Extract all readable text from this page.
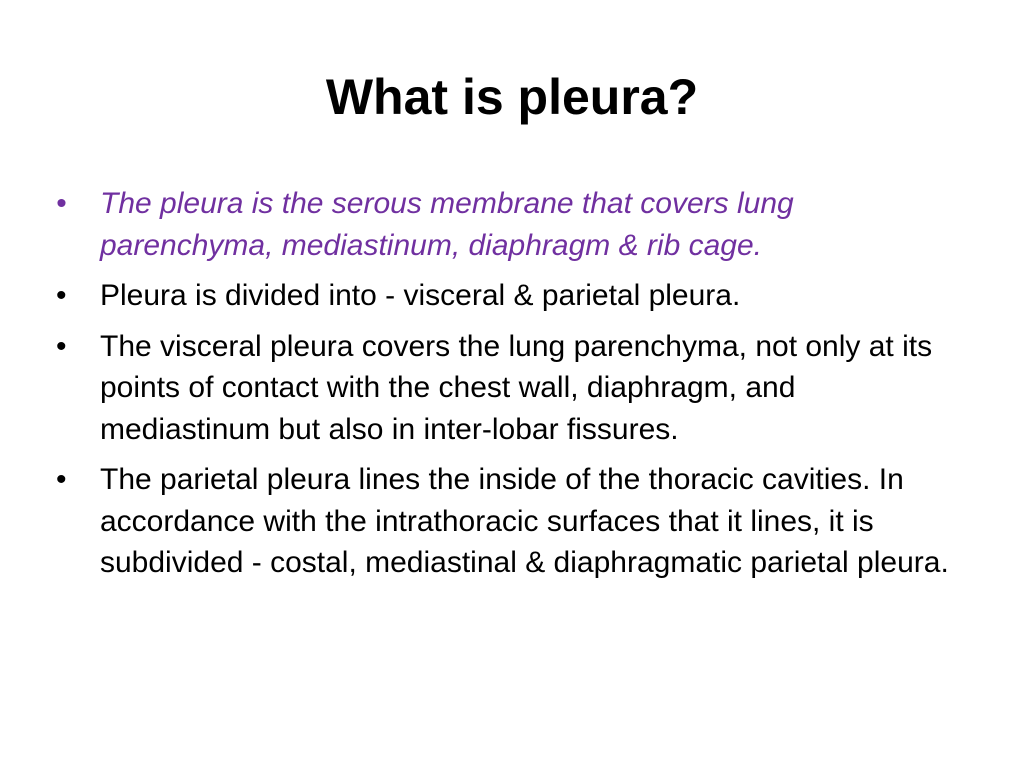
What is pleura?
•	The pleura is the serous membrane that covers lung parenchyma, mediastinum, diaphragm & rib cage.
•	Pleura is divided into - visceral & parietal pleura.
•	The visceral pleura covers the lung parenchyma, not only at its points of contact with the chest wall, diaphragm, and mediastinum but also in inter-lobar fissures.
•	The parietal pleura lines the inside of the thoracic cavities. In accordance with the intrathoracic surfaces that it lines, it is subdivided - costal, mediastinal & diaphragmatic parietal pleura.
